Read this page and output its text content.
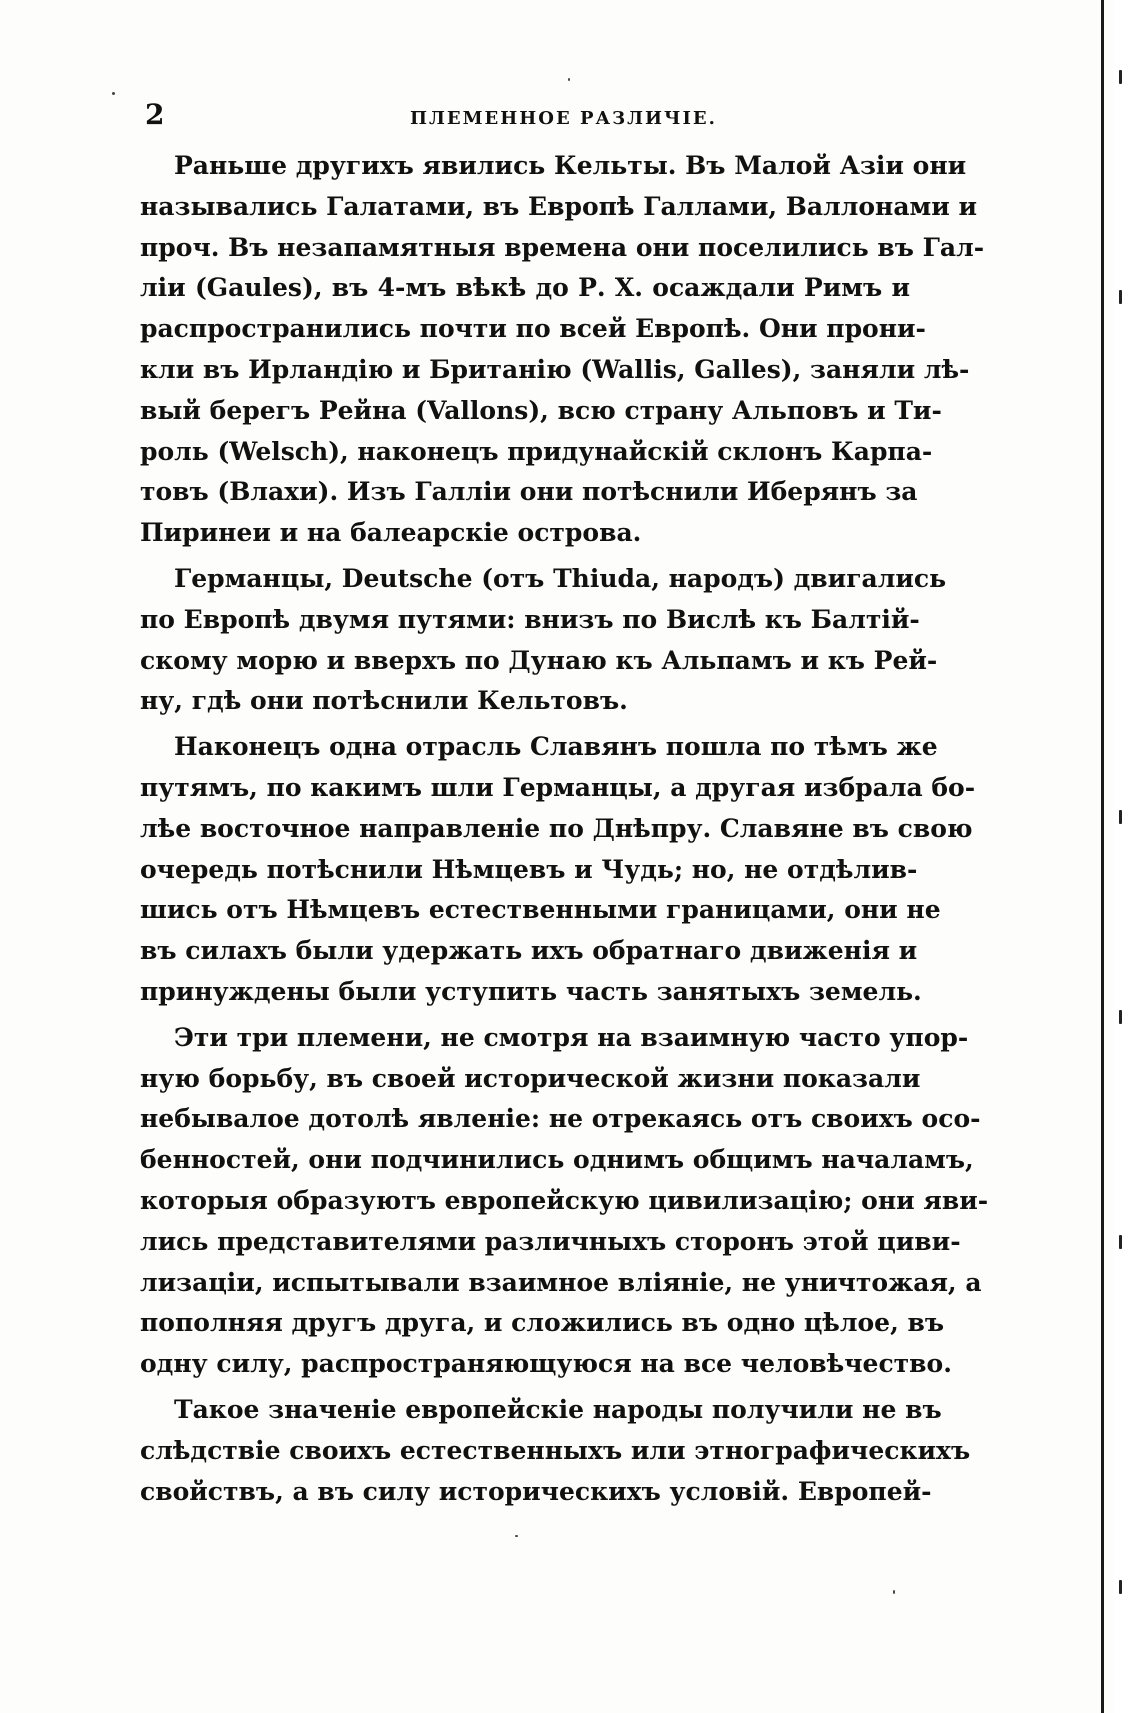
2	ПЛЕМЕННОЕ РАЗЛИЧІЕ.
Раньше другихъ явились Кельты. Въ Малой Азіи они
назывались Галатами, въ Европѣ Галлами, Валлонами и
проч. Въ незапамятныя времена они поселились въ Гал-
ліи (Gaules), въ 4-мъ вѣкѣ до Р. Х. осаждали Римъ и
распространились почти по всей Европѣ. Они прони-
кли въ Ирландію и Британію (Wallis, Galles), заняли лѣ-
вый берегъ Рейна (Vallons), всю страну Альповъ и Ти-
роль (Welsch), наконецъ придунайскій склонъ Карпа-
товъ (Влахи). Изъ Галліи они потѣснили Иберянъ за
Пиринеи и на балеарскіе острова.
Германцы, Deutsche (отъ Thiuda, народъ) двигались
по Европѣ двумя путями: внизъ по Вислѣ къ Балтій-
скому морю и вверхъ по Дунаю къ Альпамъ и къ Рей-
ну, гдѣ они потѣснили Кельтовъ.
Наконецъ одна отрасль Славянъ пошла по тѣмъ же
путямъ, по какимъ шли Германцы, а другая избрала бо-
лѣе восточное направленіе по Днѣпру. Славяне въ свою
очередь потѣснили Нѣмцевъ и Чудь; но, не отдѣлив-
шись отъ Нѣмцевъ естественными границами, они не
въ силахъ были удержать ихъ обратнаго движенія и
принуждены были уступить часть занятыхъ земель.
Эти три племени, не смотря на взаимную часто упор-
ную борьбу, въ своей исторической жизни показали
небывалое дотолѣ явленіе: не отрекаясь отъ своихъ осо-
бенностей, они подчинились однимъ общимъ началамъ,
которыя образуютъ европейскую цивилизацію; они яви-
лись представителями различныхъ сторонъ этой циви-
лизаціи, испытывали взаимное вліяніе, не уничтожая, а
пополняя другъ друга, и сложились въ одно цѣлое, въ
одну силу, распространяющуюся на все человѣчество.
Такое значеніе европейскіе народы получили не въ
слѣдствіе своихъ естественныхъ или этнографическихъ
свойствъ, а въ силу историческихъ условій. Европей-
